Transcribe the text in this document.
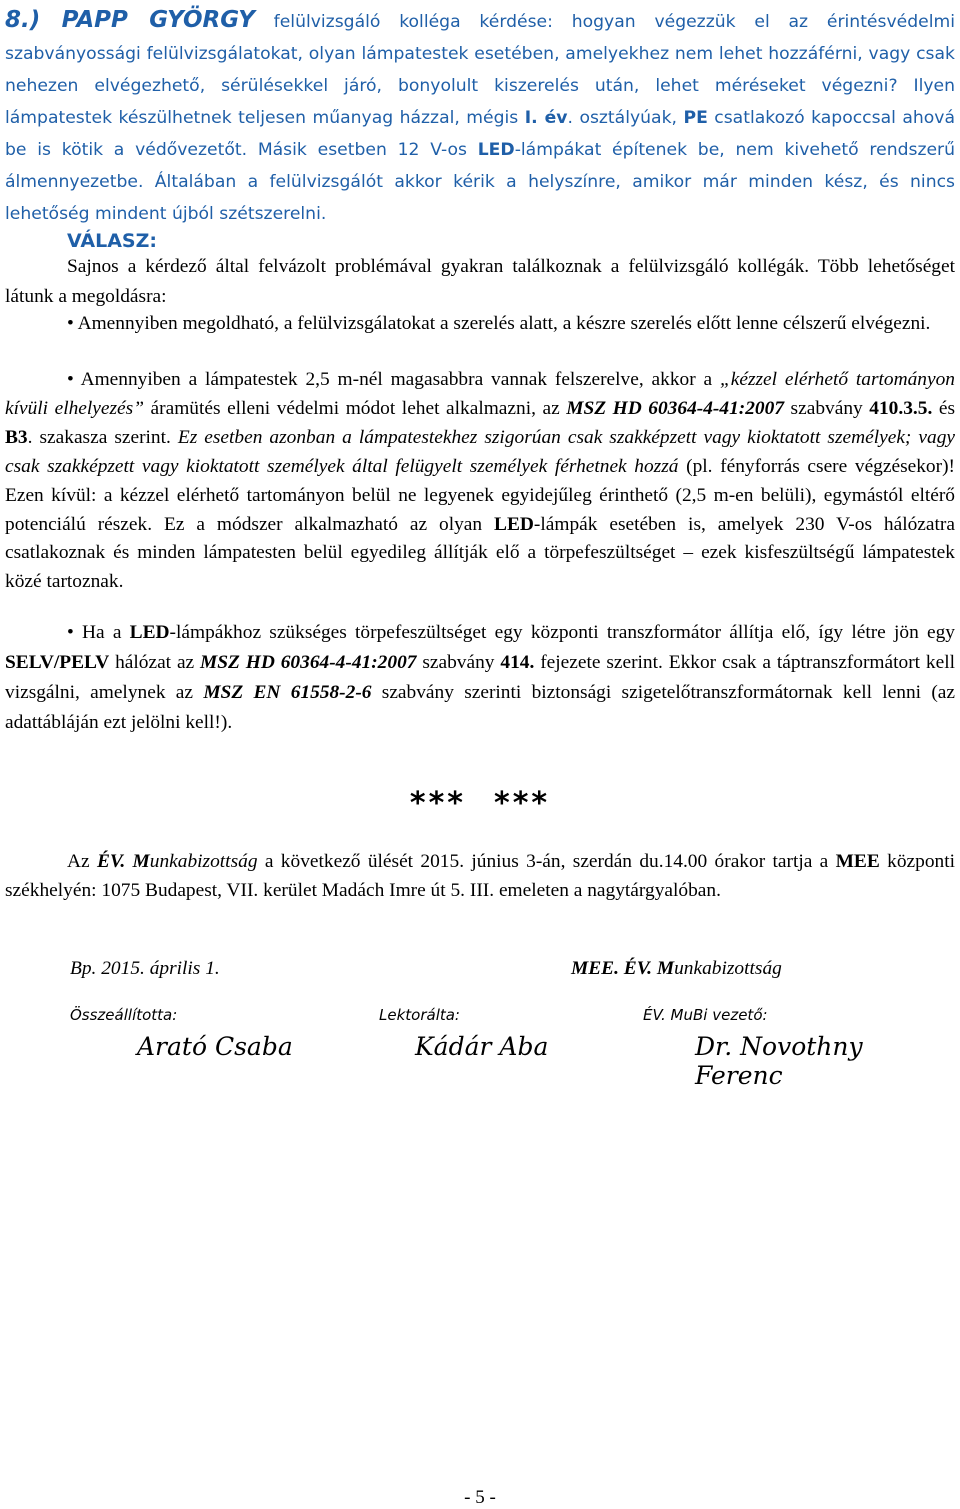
8.) PAPP GYÖRGY felülvizsgáló kolléga kérdése: hogyan végezzük el az érintésvédelmi szabványossági felülvizsgálatokat, olyan lámpatestek esetében, amelyekhez nem lehet hozzáférni, vagy csak nehezen elvégezhető, sérülésekkel járó, bonyolult kiszerelés után, lehet méréseket végezni? Ilyen lámpatestek készülhetnek teljesen műanyag házzal, mégis I. év. osztályúak, PE csatlakozó kapoccsal ahová be is kötik a védővezetőt. Másik esetben 12 V-os LED-lámpákat építenek be, nem kivehető rendszerű álmennyezetbe. Általában a felülvizsgálót akkor kérik a helyszínre, amikor már minden kész, és nincs lehetőség mindent újból szétszerelni.

VÁLASZ:

Sajnos a kérdező által felvázolt problémával gyakran találkoznak a felülvizsgáló kollégák. Több lehetőséget látunk a megoldásra:

• Amennyiben megoldható, a felülvizsgálatokat a szerelés alatt, a készre szerelés előtt lenne célszerű elvégezni.

• Amennyiben a lámpatestek 2,5 m-nél magasabbra vannak felszerelve, akkor a „kézzel elérhető tartományon kívüli elhelyezés” áramütés elleni védelmi módot lehet alkalmazni, az MSZ HD 60364-4-41:2007 szabvány 410.3.5. és B3. szakasza szerint. Ez esetben azonban a lámpatestekhez szigorúan csak szakképzett vagy kioktatott személyek; vagy csak szakképzett vagy kioktatott személyek által felügyelt személyek férhetnek hozzá (pl. fényforrás csere végzésekor)! Ezen kívül: a kézzel elérhető tartományon belül ne legyenek egyidejűleg érinthető (2,5 m-en belüli), egymástól eltérő potenciálú részek. Ez a módszer alkalmazható az olyan LED-lámpák esetében is, amelyek 230 V-os hálózatra csatlakoznak és minden lámpatesten belül egyedileg állítják elő a törpefeszültséget – ezek kisfeszültségű lámpatestek közé tartoznak.

• Ha a LED-lámpákhoz szükséges törpefeszültséget egy központi transzformátor állítja elő, így létre jön egy SELV/PELV hálózat az MSZ HD 60364-4-41:2007 szabvány 414. fejezete szerint. Ekkor csak a táptranszformátort kell vizsgálni, amelynek az MSZ EN 61558-2-6 szabvány szerinti biztonsági szigetelőtranszformátornak kell lenni (az adattábláján ezt jelölni kell!).

*** ***

Az ÉV. Munkabizottság a következő ülését 2015. június 3-án, szerdán du.14.00 órakor tartja a MEE központi székhelyén: 1075 Budapest, VII. kerület Madách Imre út 5. III. emeleten a nagytárgyalóban.

Bp. 2015. április 1.	MEE. ÉV. Munkabizottság
Összeállította:	Lektorálta:	ÉV. MuBi vezető:
Arató Csaba	Kádár Aba	Dr. Novothny Ferenc
- 5 -
